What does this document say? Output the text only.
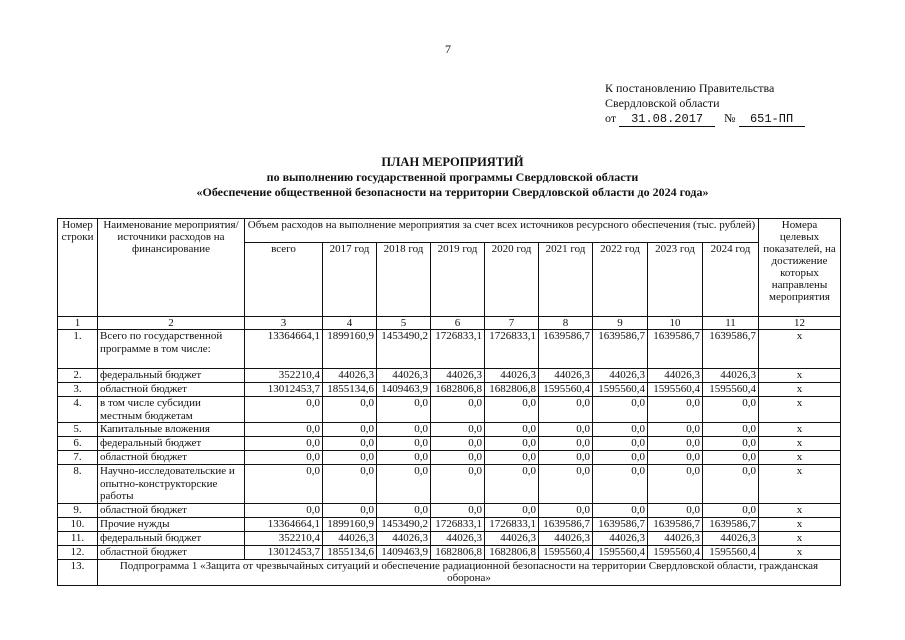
7
К постановлению Правительства
Свердловской области
от 31.08.2017 № 651-ПП
ПЛАН МЕРОПРИЯТИЙ
по выполнению государственной программы Свердловской области
«Обеспечение общественной безопасности на территории Свердловской области до 2024 года»
Номер строки	Наименование мероприятия/ источники расходов на финансирование	Объем расходов на выполнение мероприятия за счет всех источников ресурсного обеспечения (тыс. рублей)									Номера целевых показателей, на достижение которых направлены мероприятия
		всего	2017 год	2018 год	2019 год	2020 год	2021 год	2022 год	2023 год	2024 год	
1	2	3	4	5	6	7	8	9	10	11	12
1.	Всего по государственной программе в том числе:	13364664,1	1899160,9	1453490,2	1726833,1	1726833,1	1639586,7	1639586,7	1639586,7	1639586,7	х
2.	федеральный бюджет	352210,4	44026,3	44026,3	44026,3	44026,3	44026,3	44026,3	44026,3	44026,3	х
3.	областной бюджет	13012453,7	1855134,6	1409463,9	1682806,8	1682806,8	1595560,4	1595560,4	1595560,4	1595560,4	х
4.	в том числе субсидии местным бюджетам	0,0	0,0	0,0	0,0	0,0	0,0	0,0	0,0	0,0	х
5.	Капитальные вложения	0,0	0,0	0,0	0,0	0,0	0,0	0,0	0,0	0,0	х
6.	федеральный бюджет	0,0	0,0	0,0	0,0	0,0	0,0	0,0	0,0	0,0	х
7.	областной бюджет	0,0	0,0	0,0	0,0	0,0	0,0	0,0	0,0	0,0	х
8.	Научно-исследовательские и опытно-конструкторские работы	0,0	0,0	0,0	0,0	0,0	0,0	0,0	0,0	0,0	х
9.	областной бюджет	0,0	0,0	0,0	0,0	0,0	0,0	0,0	0,0	0,0	х
10.	Прочие нужды	13364664,1	1899160,9	1453490,2	1726833,1	1726833,1	1639586,7	1639586,7	1639586,7	1639586,7	х
11.	федеральный бюджет	352210,4	44026,3	44026,3	44026,3	44026,3	44026,3	44026,3	44026,3	44026,3	х
12.	областной бюджет	13012453,7	1855134,6	1409463,9	1682806,8	1682806,8	1595560,4	1595560,4	1595560,4	1595560,4	х
13.	Подпрограмма 1 «Защита от чрезвычайных ситуаций и обеспечение радиационной безопасности на территории Свердловской области, гражданская оборона»										
